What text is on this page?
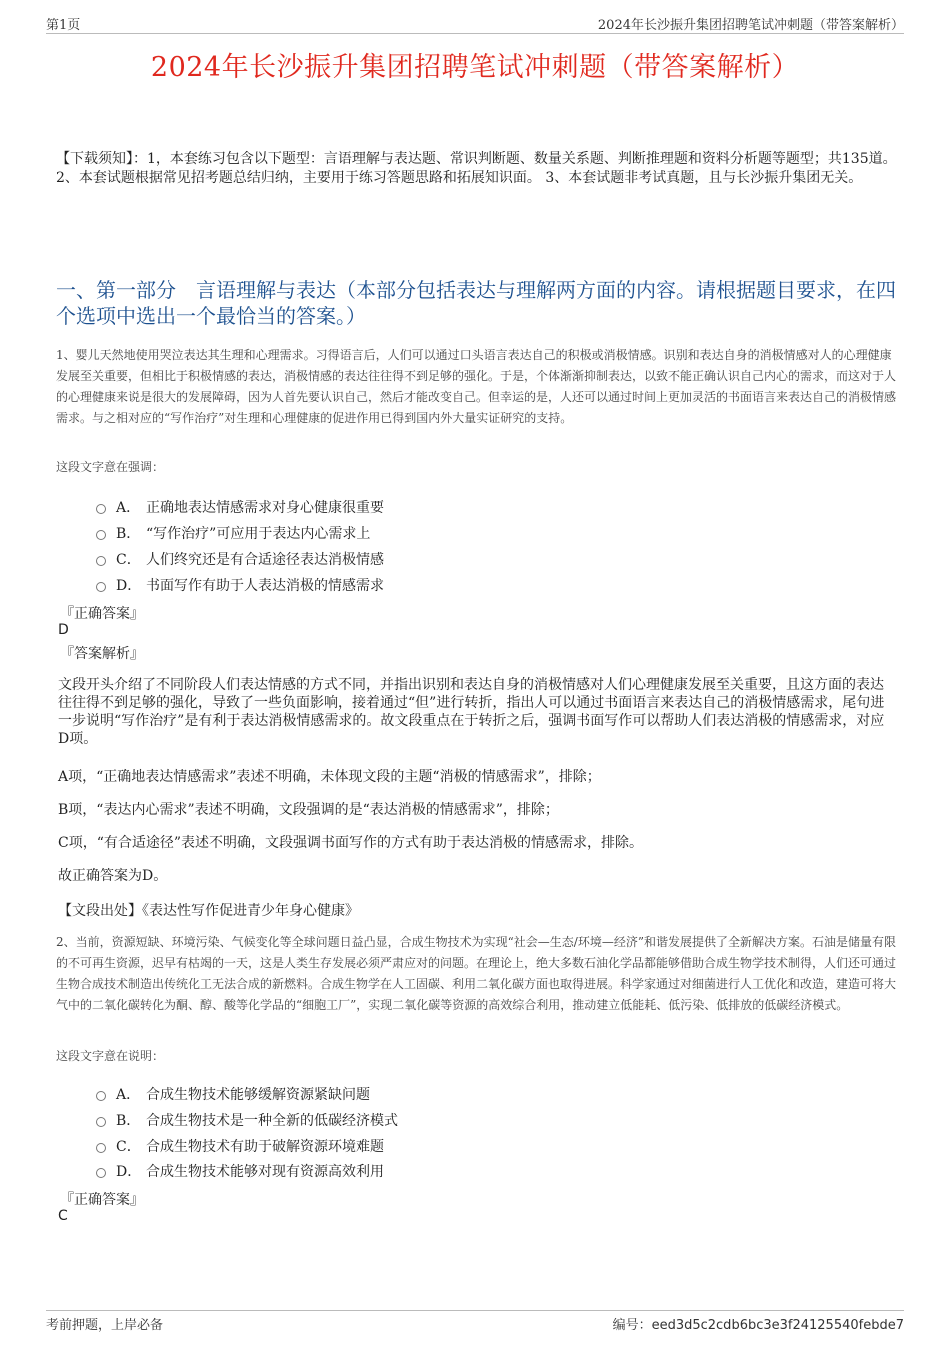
第1页	2024年长沙振升集团招聘笔试冲刺题（带答案解析）
2024年长沙振升集团招聘笔试冲刺题（带答案解析）
【下载须知】：1，本套练习包含以下题型：言语理解与表达题、常识判断题、数量关系题、判断推理题和资料分析题等题型；共135道。 2、本套试题根据常见招考题总结归纳，主要用于练习答题思路和拓展知识面。 3、本套试题非考试真题，且与长沙振升集团无关。
一、第一部分　言语理解与表达（本部分包括表达与理解两方面的内容。请根据题目要求，在四个选项中选出一个最恰当的答案。）
1、婴儿天然地使用哭泣表达其生理和心理需求。习得语言后，人们可以通过口头语言表达自己的积极或消极情感。识别和表达自身的消极情感对人的心理健康发展至关重要，但相比于积极情感的表达，消极情感的表达往往得不到足够的强化。于是，个体渐渐抑制表达，以致不能正确认识自己内心的需求，而这对于人的心理健康来说是很大的发展障碍，因为人首先要认识自己，然后才能改变自己。但幸运的是，人还可以通过时间上更加灵活的书面语言来表达自己的消极情感需求。与之相对应的“写作治疗”对生理和心理健康的促进作用已得到国内外大量实证研究的支持。
这段文字意在强调：
A． 正确地表达情感需求对身心健康很重要
B． “写作治疗”可应用于表达内心需求上
C． 人们终究还是有合适途径表达消极情感
D． 书面写作有助于人表达消极的情感需求
『正确答案』
D
『答案解析』
文段开头介绍了不同阶段人们表达情感的方式不同，并指出识别和表达自身的消极情感对人们心理健康发展至关重要，且这方面的表达往往得不到足够的强化，导致了一些负面影响，接着通过“但”进行转折，指出人可以通过书面语言来表达自己的消极情感需求，尾句进一步说明“写作治疗”是有利于表达消极情感需求的。故文段重点在于转折之后，强调书面写作可以帮助人们表达消极的情感需求，对应D项。
A项，“正确地表达情感需求”表述不明确，未体现文段的主题“消极的情感需求”，排除；
B项，“表达内心需求”表述不明确，文段强调的是“表达消极的情感需求”，排除；
C项，“有合适途径”表述不明确，文段强调书面写作的方式有助于表达消极的情感需求，排除。
故正确答案为D。
【文段出处】《表达性写作促进青少年身心健康》
2、当前，资源短缺、环境污染、气候变化等全球问题日益凸显，合成生物技术为实现“社会—生态/环境—经济”和谐发展提供了全新解决方案。石油是储量有限的不可再生资源，迟早有枯竭的一天，这是人类生存发展必须严肃应对的问题。在理论上，绝大多数石油化学品都能够借助合成生物学技术制得，人们还可通过生物合成技术制造出传统化工无法合成的新燃料。合成生物学在人工固碳、利用二氧化碳方面也取得进展。科学家通过对细菌进行人工优化和改造，建造可将大气中的二氧化碳转化为酮、醇、酸等化学品的“细胞工厂”，实现二氧化碳等资源的高效综合利用，推动建立低能耗、低污染、低排放的低碳经济模式。
这段文字意在说明：
A． 合成生物技术能够缓解资源紧缺问题
B． 合成生物技术是一种全新的低碳经济模式
C． 合成生物技术有助于破解资源环境难题
D． 合成生物技术能够对现有资源高效利用
『正确答案』
C
考前押题，上岸必备	编号：eed3d5c2cdb6bc3e3f24125540febde7
